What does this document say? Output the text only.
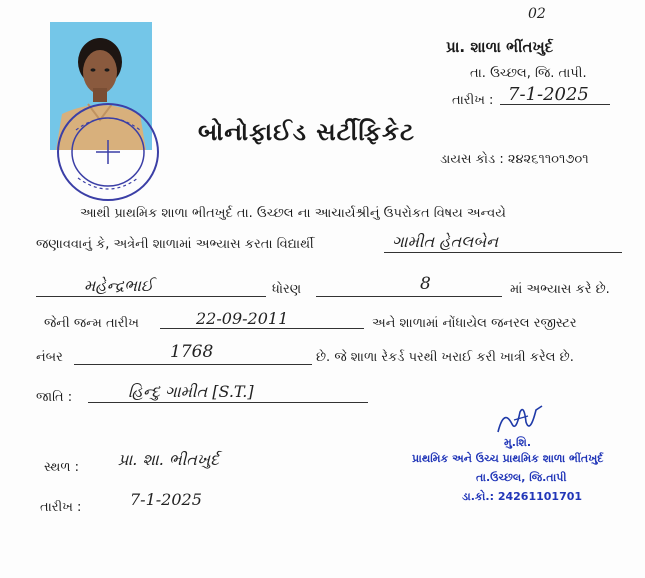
02
પ્રા. શાળા ભીંતખુર્દ
તા. ઉચ્છલ, જિ. તાપી.
તારીખ : 7-1-2025
બોનોફાઈડ સર્ટીફિકેટ
ડાયસ કોડ : ૨૪૨૬૧૧૦૧૭૦૧
આથી પ્રાથમિક શાળા ભીતખુર્દ તા. ઉચ્છલ ના આચાર્યશ્રીનું ઉપરોકત વિષય અન્વયે
જણાવવાનું કે, અત્રેની શાળામાં અભ્યાસ કરતા વિદ્યાર્થી	ગામીત હેતલબેન
મહેન્દ્રભાઈ	ધોરણ	8	માં અભ્યાસ કરે છે.
જેની જન્મ તારીખ	22-09-2011	અને શાળામાં નોંધાયેલ જનરલ રજીસ્ટર
નંબર	1768	છે. જે શાળા રેકર્ડ પરથી ખરાઈ કરી ખાત્રી કરેલ છે.
જાતિ :	હિન્દુ ગામીત [S.T.]
મુ.શિ.
પ્રાથમિક અને ઉચ્ચ પ્રાથમિક શાળા ભીંતખુર્દ
તા.ઉચ્છલ, જિ.તાપી
ડા.કો.: 24261101701
સ્થળ : પ્રા. શા. ભીતખુર્દ
તારીખ :	7-1-2025
